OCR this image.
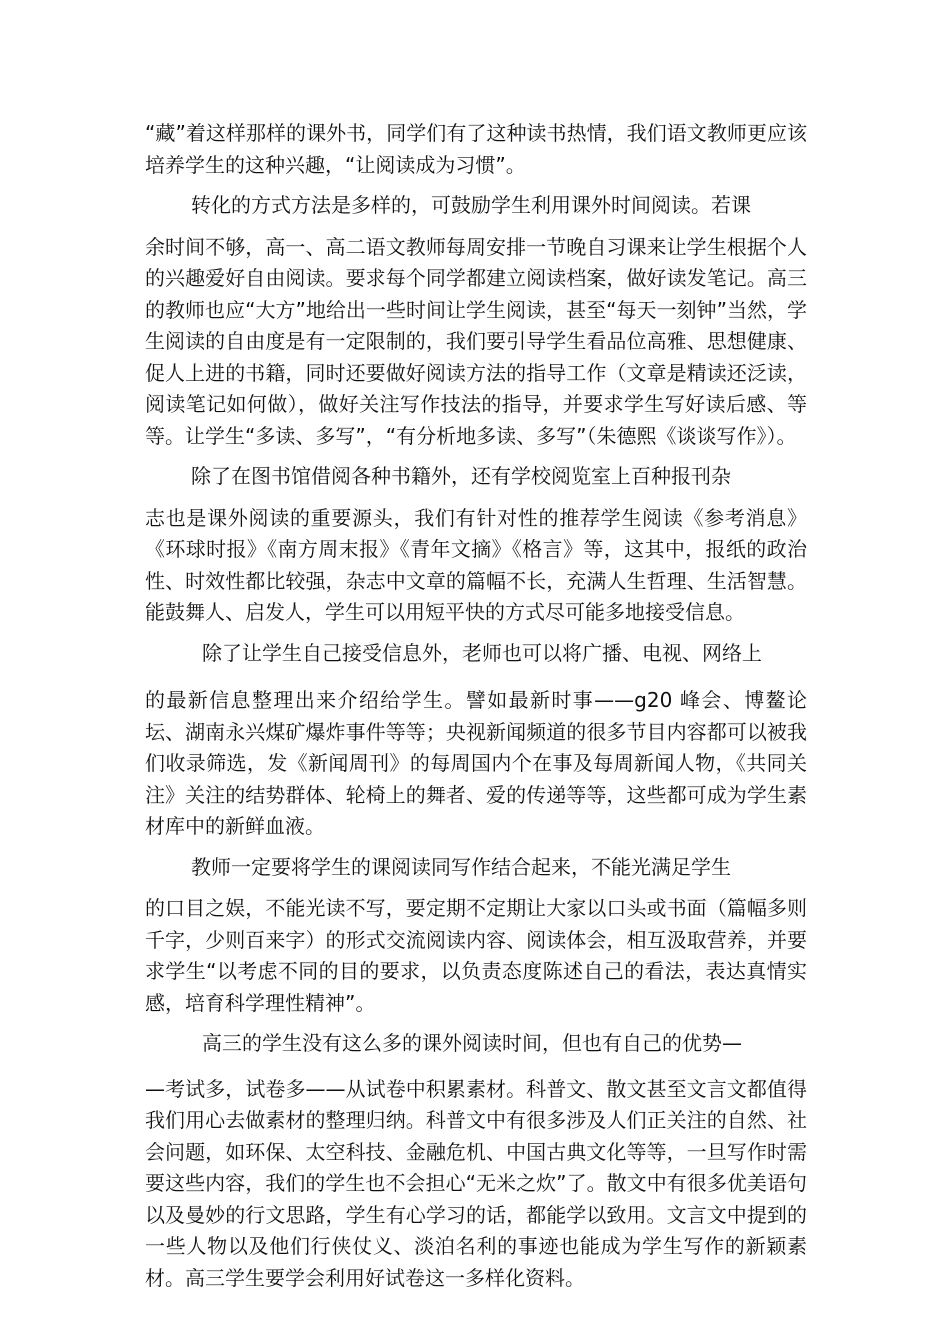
“藏”着这样那样的课外书，同学们有了这种读书热情，我们语文教师更应该培养学生的这种兴趣，“让阅读成为习惯”。

转化的方式方法是多样的，可鼓励学生利用课外时间阅读。若课
余时间不够，高一、高二语文教师每周安排一节晚自习课来让学生根据个人的兴趣爱好自由阅读。要求每个同学都建立阅读档案，做好读发笔记。高三的教师也应“大方”地给出一些时间让学生阅读，甚至“每天一刻钟”当然，学生阅读的自由度是有一定限制的，我们要引导学生看品位高雅、思想健康、促人上进的书籍，同时还要做好阅读方法的指导工作（文章是精读还泛读，阅读笔记如何做），做好关注写作技法的指导，并要求学生写好读后感、等等。让学生“多读、多写”，“有分析地多读、多写”（朱德熙《谈谈写作》）。

除了在图书馆借阅各种书籍外，还有学校阅览室上百种报刊杂
志也是课外阅读的重要源头，我们有针对性的推荐学生阅读《参考消息》《环球时报》《南方周末报》《青年文摘》《格言》等，这其中，报纸的政治性、时效性都比较强，杂志中文章的篇幅不长，充满人生哲理、生活智慧。能鼓舞人、启发人，学生可以用短平快的方式尽可能多地接受信息。

除了让学生自己接受信息外，老师也可以将广播、电视、网络上
的最新信息整理出来介绍给学生。譬如最新时事——g20 峰会、博鳌论坛、湖南永兴煤矿爆炸事件等等；央视新闻频道的很多节目内容都可以被我们收录筛选，发《新闻周刊》的每周国内个在事及每周新闻人物，《共同关注》关注的结势群体、轮椅上的舞者、爱的传递等等，这些都可成为学生素材库中的新鲜血液。

教师一定要将学生的课阅读同写作结合起来，不能光满足学生
的口目之娱，不能光读不写，要定期不定期让大家以口头或书面（篇幅多则千字，少则百来字）的形式交流阅读内容、阅读体会，相互汲取营养，并要求学生“以考虑不同的目的要求，以负责态度陈述自己的看法，表达真情实感，培育科学理性精神”。

高三的学生没有这么多的课外阅读时间，但也有自己的优势—
—考试多，试卷多——从试卷中积累素材。科普文、散文甚至文言文都值得我们用心去做素材的整理归纳。科普文中有很多涉及人们正关注的自然、社会问题，如环保、太空科技、金融危机、中国古典文化等等，一旦写作时需要这些内容，我们的学生也不会担心“无米之炊”了。散文中有很多优美语句以及曼妙的行文思路，学生有心学习的话，都能学以致用。文言文中提到的一些人物以及他们行侠仗义、淡泊名利的事迹也能成为学生写作的新颖素材。高三学生要学会利用好试卷这一多样化资料。
